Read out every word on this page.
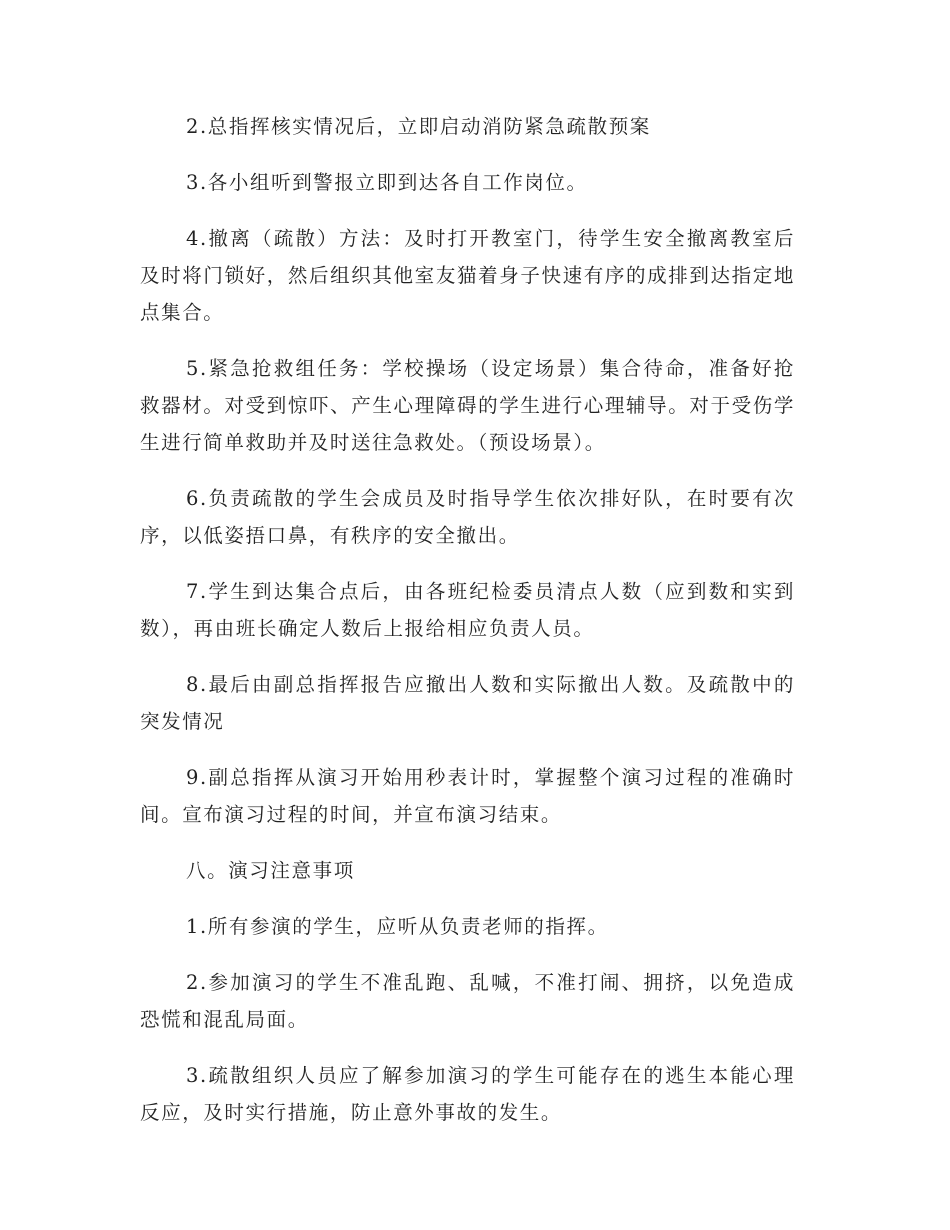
2.总指挥核实情况后，立即启动消防紧急疏散预案

3.各小组听到警报立即到达各自工作岗位。

4.撤离（疏散）方法：及时打开教室门，待学生安全撤离教室后及时将门锁好，然后组织其他室友猫着身子快速有序的成排到达指定地点集合。

5.紧急抢救组任务：学校操场（设定场景）集合待命，准备好抢救器材。对受到惊吓、产生心理障碍的学生进行心理辅导。对于受伤学生进行简单救助并及时送往急救处。（预设场景）。

6.负责疏散的学生会成员及时指导学生依次排好队，在时要有次序，以低姿捂口鼻，有秩序的安全撤出。

7.学生到达集合点后，由各班纪检委员清点人数（应到数和实到数），再由班长确定人数后上报给相应负责人员。

8.最后由副总指挥报告应撤出人数和实际撤出人数。及疏散中的突发情况

9.副总指挥从演习开始用秒表计时，掌握整个演习过程的准确时间。宣布演习过程的时间，并宣布演习结束。

八。演习注意事项

1.所有参演的学生，应听从负责老师的指挥。

2.参加演习的学生不准乱跑、乱喊，不准打闹、拥挤，以免造成恐慌和混乱局面。

3.疏散组织人员应了解参加演习的学生可能存在的逃生本能心理反应，及时实行措施，防止意外事故的发生。
